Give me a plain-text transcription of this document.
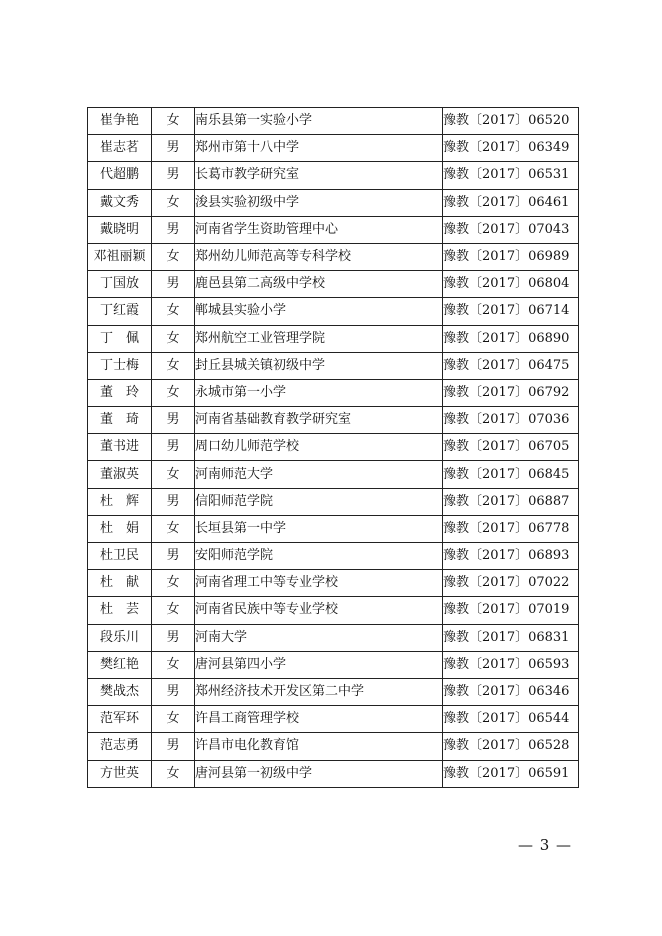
崔争艳	女	南乐县第一实验小学	豫教〔2017〕06520
崔志茗	男	郑州市第十八中学	豫教〔2017〕06349
代超鹏	男	长葛市教学研究室	豫教〔2017〕06531
戴文秀	女	浚县实验初级中学	豫教〔2017〕06461
戴晓明	男	河南省学生资助管理中心	豫教〔2017〕07043
邓祖丽颖	女	郑州幼儿师范高等专科学校	豫教〔2017〕06989
丁国放	男	鹿邑县第二高级中学校	豫教〔2017〕06804
丁红霞	女	郸城县实验小学	豫教〔2017〕06714
丁　佩	女	郑州航空工业管理学院	豫教〔2017〕06890
丁士梅	女	封丘县城关镇初级中学	豫教〔2017〕06475
董　玲	女	永城市第一小学	豫教〔2017〕06792
董　琦	男	河南省基础教育教学研究室	豫教〔2017〕07036
董书进	男	周口幼儿师范学校	豫教〔2017〕06705
董淑英	女	河南师范大学	豫教〔2017〕06845
杜　辉	男	信阳师范学院	豫教〔2017〕06887
杜　娟	女	长垣县第一中学	豫教〔2017〕06778
杜卫民	男	安阳师范学院	豫教〔2017〕06893
杜　献	女	河南省理工中等专业学校	豫教〔2017〕07022
杜　芸	女	河南省民族中等专业学校	豫教〔2017〕07019
段乐川	男	河南大学	豫教〔2017〕06831
樊红艳	女	唐河县第四小学	豫教〔2017〕06593
樊战杰	男	郑州经济技术开发区第二中学	豫教〔2017〕06346
范军环	女	许昌工商管理学校	豫教〔2017〕06544
范志勇	男	许昌市电化教育馆	豫教〔2017〕06528
方世英	女	唐河县第一初级中学	豫教〔2017〕06591
— 3 —
